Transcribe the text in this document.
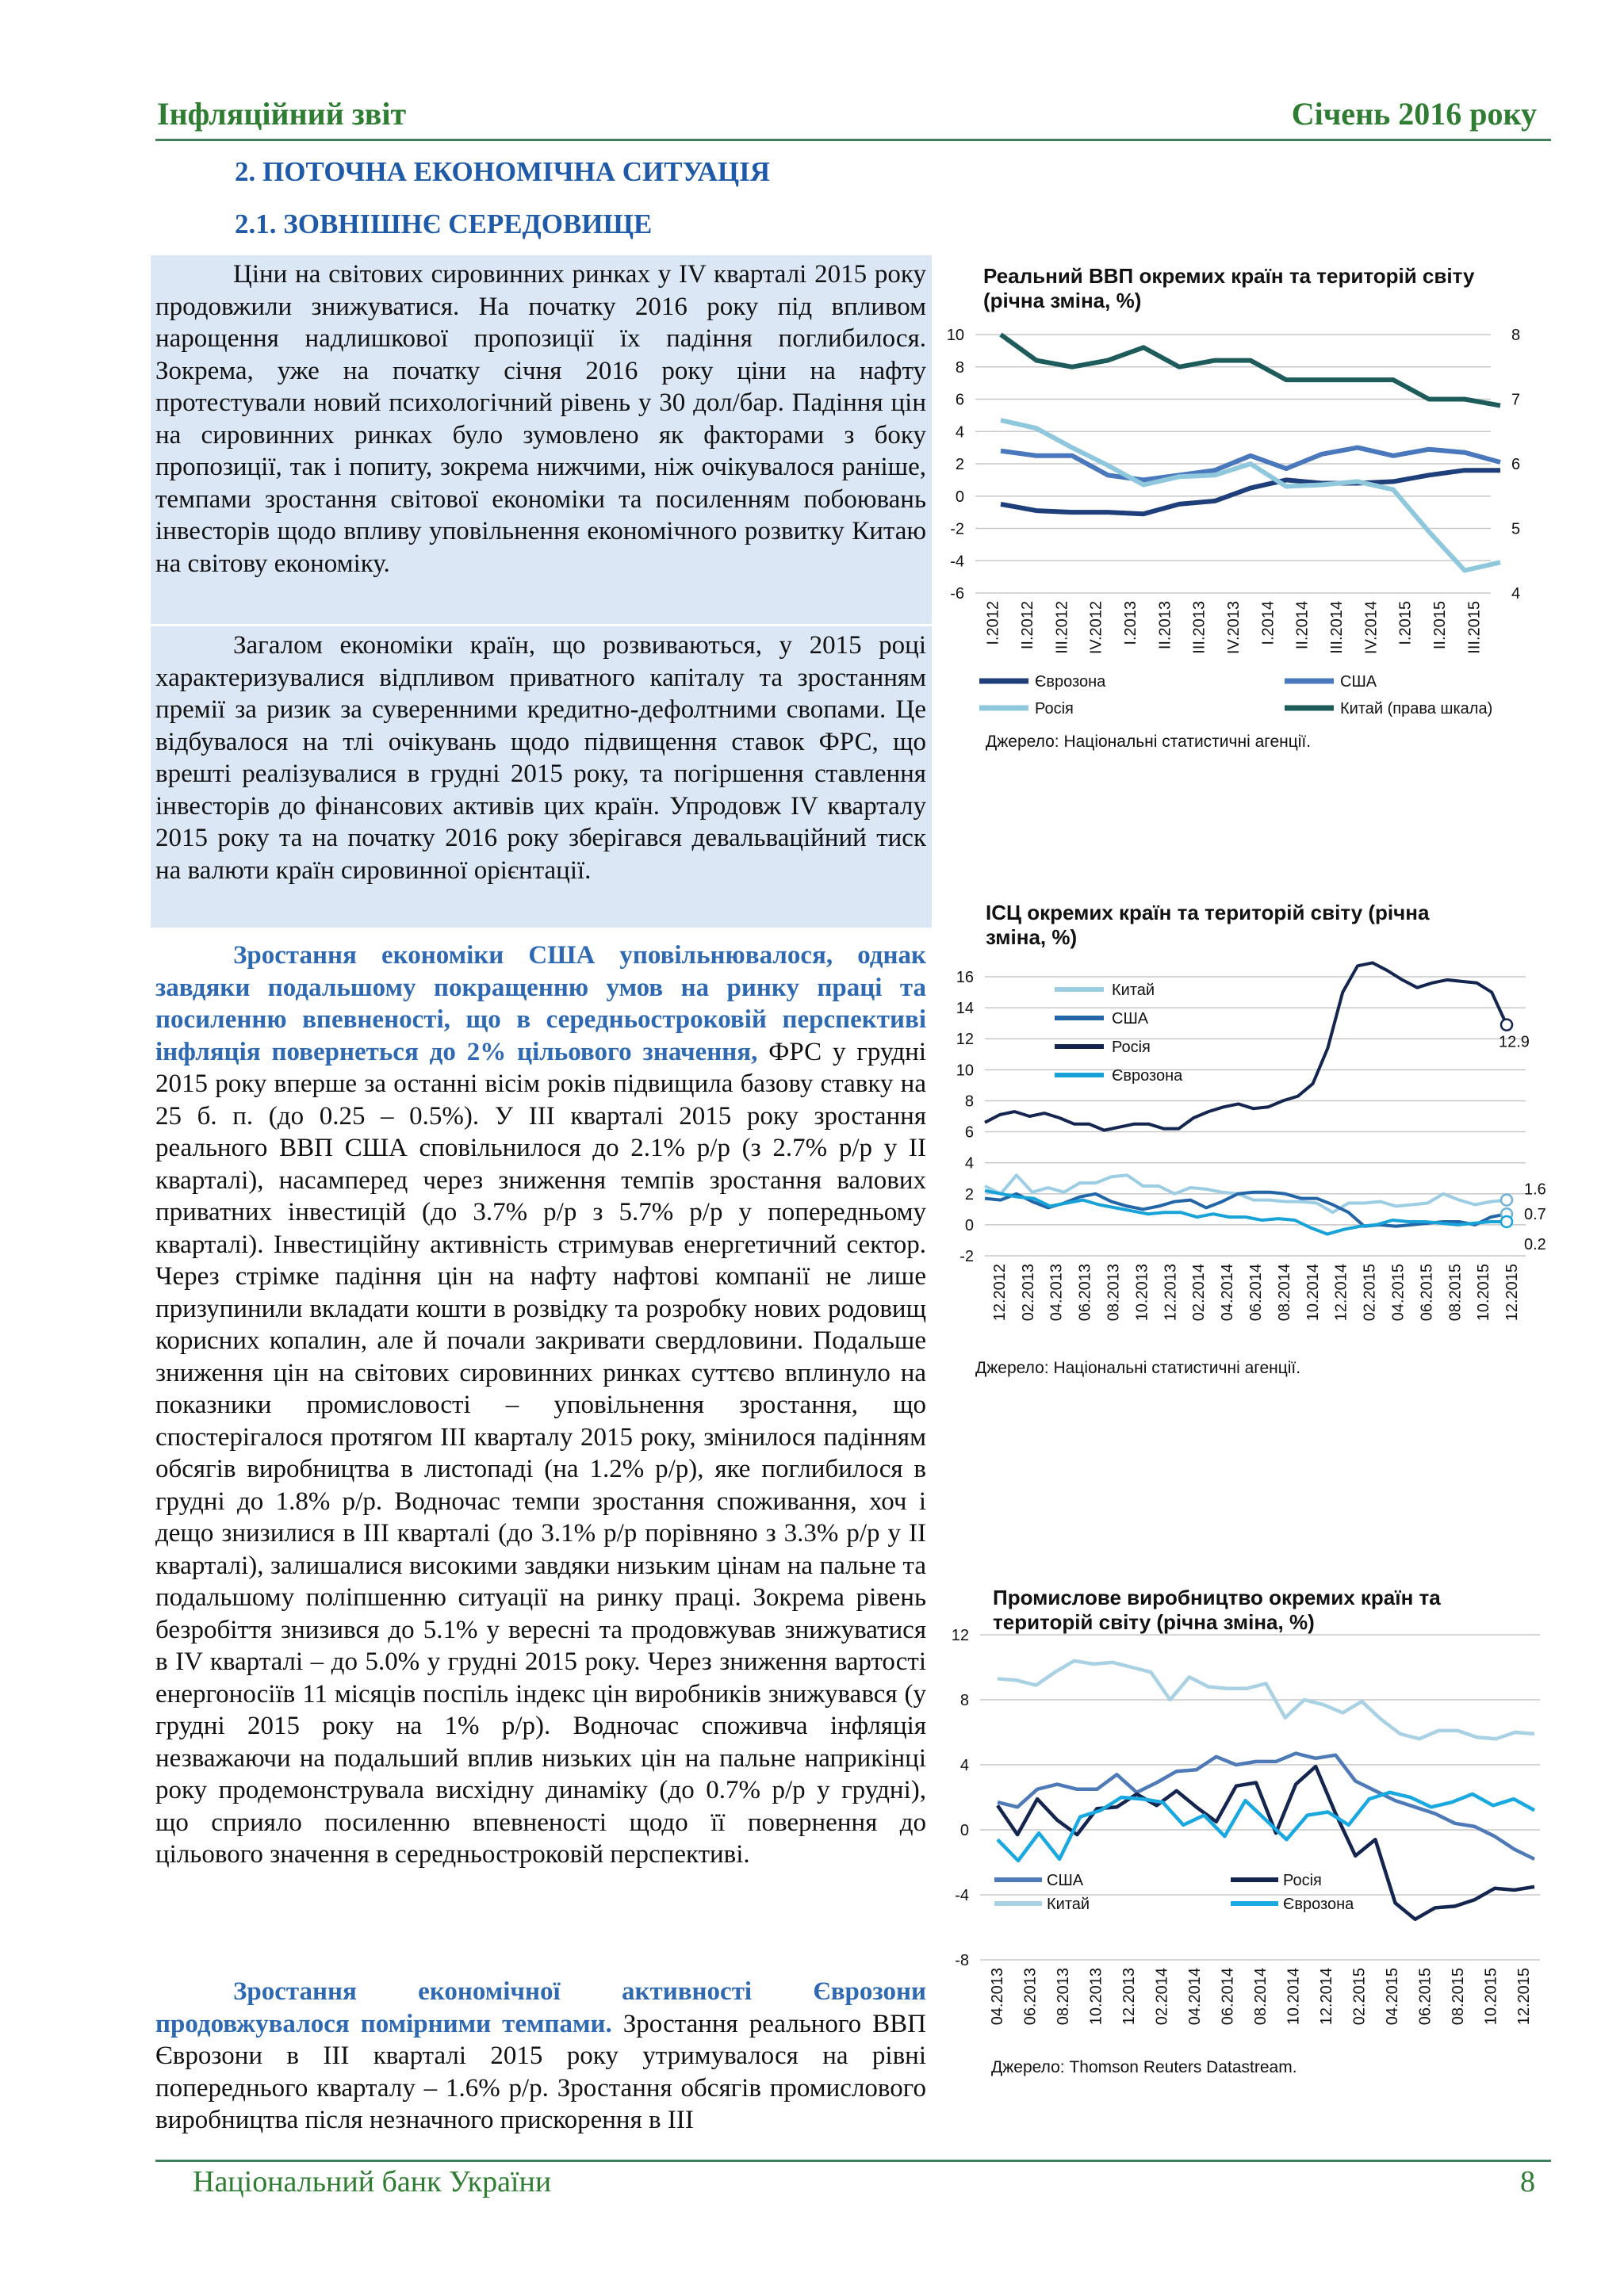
Інфляційний звіт	Січень 2016 року
2. ПОТОЧНА ЕКОНОМІЧНА СИТУАЦІЯ
2.1. ЗОВНІШНЄ СЕРЕДОВИЩЕ

Ціни на світових сировинних ринках у IV кварталі 2015 року продовжили знижуватися. На початку 2016 року під впливом нарощення надлишкової пропозиції їх падіння поглибилося. Зокрема, уже на початку січня 2016 року ціни на нафту протестували новий психологічний рівень у 30 дол/бар. Падіння цін на сировинних ринках було зумовлено як факторами з боку пропозиції, так і попиту, зокрема нижчими, ніж очікувалося раніше, темпами зростання світової економіки та посиленням побоювань інвесторів щодо впливу уповільнення економічного розвитку Китаю на світову економіку.

Загалом економіки країн, що розвиваються, у 2015 році характеризувалися відпливом приватного капіталу та зростанням премії за ризик за суверенними кредитно-дефолтними свопами. Це відбувалося на тлі очікувань щодо підвищення ставок ФРС, що врешті реалізувалися в грудні 2015 року, та погіршення ставлення інвесторів до фінансових активів цих країн. Упродовж IV кварталу 2015 року та на початку 2016 року зберігався девальваційний тиск на валюти країн сировинної орієнтації.

Зростання економіки США уповільнювалося, однак завдяки подальшому покращенню умов на ринку праці та посиленню впевненості, що в середньостроковій перспективі інфляція повернеться до 2% цільового значення, ФРС у грудні 2015 року вперше за останні вісім років підвищила базову ставку на 25 б. п. (до 0.25 – 0.5%). У III кварталі 2015 року зростання реального ВВП США сповільнилося до 2.1% р/р (з 2.7% р/р у II кварталі), насамперед через зниження темпів зростання валових приватних інвестицій (до 3.7% р/р з 5.7% р/р у попередньому кварталі). Інвестиційну активність стримував енергетичний сектор. Через стрімке падіння цін на нафту нафтові компанії не лише призупинили вкладати кошти в розвідку та розробку нових родовищ корисних копалин, але й почали закривати свердловини. Подальше зниження цін на світових сировинних ринках суттєво вплинуло на показники промисловості – уповільнення зростання, що спостерігалося протягом III кварталу 2015 року, змінилося падінням обсягів виробництва в листопаді (на 1.2% р/р), яке поглибилося в грудні до 1.8% р/р. Водночас темпи зростання споживання, хоч і дещо знизилися в III кварталі (до 3.1% р/р порівняно з 3.3% р/р у II кварталі), залишалися високими завдяки низьким цінам на пальне та подальшому поліпшенню ситуації на ринку праці. Зокрема рівень безробіття знизився до 5.1% у вересні та продовжував знижуватися в IV кварталі – до 5.0% у грудні 2015 року. Через зниження вартості енергоносіїв 11 місяців поспіль індекс цін виробників знижувався (у грудні 2015 року на 1% р/р). Водночас споживча інфляція незважаючи на подальший вплив низьких цін на пальне наприкінці року продемонструвала висхідну динаміку (до 0.7% р/р у грудні), що сприяло посиленню впевненості щодо її повернення до цільового значення в середньостроковій перспективі.

Зростання економічної активності Єврозони продовжувалося помірними темпами. Зростання реального ВВП Єврозони в III кварталі 2015 року утримувалося на рівні попереднього кварталу – 1.6% р/р. Зростання обсягів промислового виробництва після незначного прискорення в III

Реальний ВВП окремих країн та територій світу (річна зміна, %)
10
8
6
4
2
0
-2
-4
-6
8
7
6
5
4
I.2012 II.2012 III.2012 IV.2012 I.2013 II.2013 III.2013 IV.2013 I.2014 II.2014 III.2014 IV.2014 I.2015 II.2015 III.2015
Єврозона	США
Росія	Китай (права шкала)
Джерело: Національні статистичні агенції.
ІСЦ окремих країн та територій світу (річна зміна, %)
16
14
12
10
8
6
4
2
0
-2
12.2012 02.2013 04.2013 06.2013 08.2013 10.2013 12.2013 02.2014 04.2014 06.2014 08.2014 10.2014 12.2014 02.2015 04.2015 06.2015 08.2015 10.2015 12.2015
Китай
США
Росія
Єврозона
12.9
1.6
0.7
0.2
Джерело: Національні статистичні агенції.
Промислове виробництво окремих країн та територій світу (річна зміна, %)
12
8
4
0
-4
-8
04.2013 06.2013 08.2013 10.2013 12.2013 02.2014 04.2014 06.2014 08.2014 10.2014 12.2014 02.2015 04.2015 06.2015 08.2015 10.2015 12.2015
США	Росія
Китай	Єврозона
Джерело: Thomson Reuters Datastream.
Національний банк України	8
